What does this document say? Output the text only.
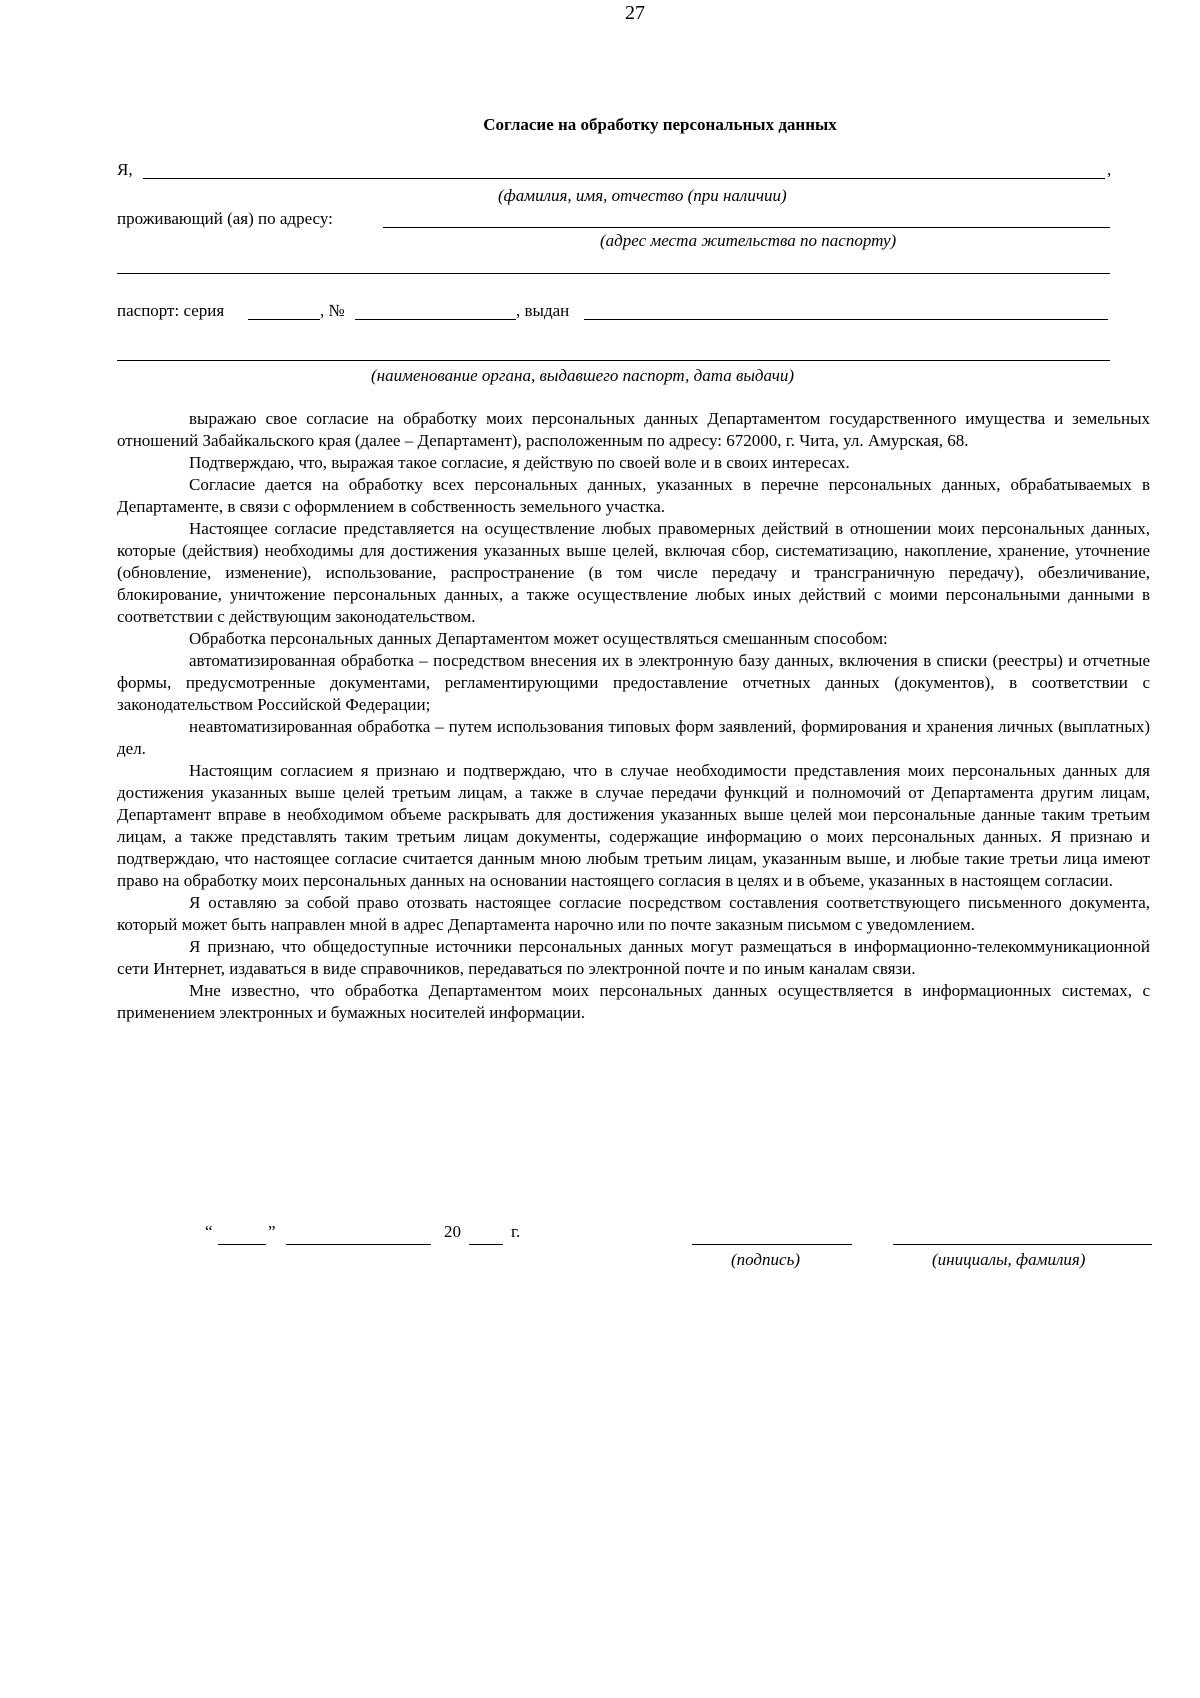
27
Согласие на обработку персональных данных
Я,	,
(фамилия, имя, отчество (при наличии)
проживающий (ая) по адресу:
(адрес места жительства по паспорту)
паспорт: серия	, №	, выдан
(наименование органа, выдавшего паспорт, дата выдачи)

выражаю свое согласие на обработку моих персональных данных Департаментом государственного имущества и земельных отношений Забайкальского края (далее – Департамент), расположенным по адресу: 672000, г. Чита, ул. Амурская, 68.

Подтверждаю, что, выражая такое согласие, я действую по своей воле и в своих интересах.

Согласие дается на обработку всех персональных данных, указанных в перечне персональных данных, обрабатываемых в Департаменте, в связи с оформлением в собственность земельного участка.

Настоящее согласие представляется на осуществление любых правомерных действий в отношении моих персональных данных, которые (действия) необходимы для достижения указанных выше целей, включая сбор, систематизацию, накопление, хранение, уточнение (обновление, изменение), использование, распространение (в том числе передачу и трансграничную передачу), обезличивание, блокирование, уничтожение персональных данных, а также осуществление любых иных действий с моими персональными данными в соответствии с действующим законодательством.

Обработка персональных данных Департаментом может осуществляться смешанным способом:

автоматизированная обработка – посредством внесения их в электронную базу данных, включения в списки (реестры) и отчетные формы, предусмотренные документами, регламентирующими предоставление отчетных данных (документов), в соответствии с законодательством Российской Федерации;

неавтоматизированная обработка – путем использования типовых форм заявлений, формирования и хранения личных (выплатных) дел.

Настоящим согласием я признаю и подтверждаю, что в случае необходимости представления моих персональных данных для достижения указанных выше целей третьим лицам, а также в случае передачи функций и полномочий от Департамента другим лицам, Департамент вправе в необходимом объеме раскрывать для достижения указанных выше целей мои персональные данные таким третьим лицам, а также представлять таким третьим лицам документы, содержащие информацию о моих персональных данных. Я признаю и подтверждаю, что настоящее согласие считается данным мною любым третьим лицам, указанным выше, и любые такие третьи лица имеют право на обработку моих персональных данных на основании настоящего согласия в целях и в объеме, указанных в настоящем согласии.

Я оставляю за собой право отозвать настоящее согласие посредством составления соответствующего письменного документа, который может быть направлен мной в адрес Департамента нарочно или по почте заказным письмом с уведомлением.

Я признаю, что общедоступные источники персональных данных могут размещаться в информационно-телекоммуникационной сети Интернет, издаваться в виде справочников, передаваться по электронной почте и по иным каналам связи.

Мне известно, что обработка Департаментом моих персональных данных осуществляется в информационных системах, с применением электронных и бумажных носителей информации.

“	”	20	г.
(подпись)	(инициалы, фамилия)
